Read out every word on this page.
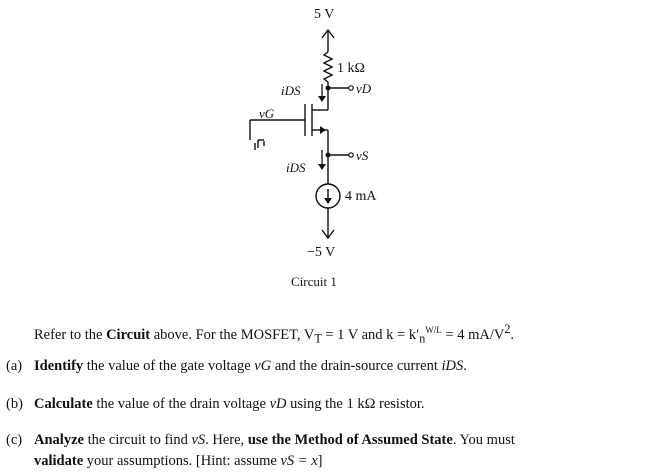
5 V
1 kΩ
iDS	vD
vG
vS
iDS
4 mA
−5 V
Circuit 1
Refer to the Circuit above. For the MOSFET, $V_T = 1$ V and $k = k'_n^{W/L} = 4$ $mA/V^2$.
(a) Identify the value of the gate voltage vG and the drain-source current iDS.
(b) Calculate the value of the drain voltage vD using the 1 kΩ resistor.
(c) Analyze the circuit to find vS. Here, use the Method of Assumed State. You must
validate your assumptions. [Hint: assume vS = x]
